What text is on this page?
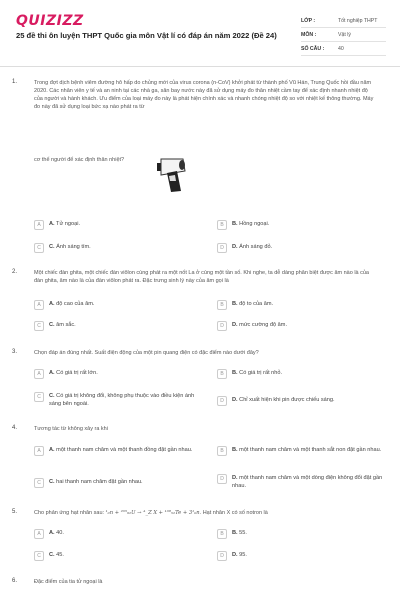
QUIZIZZ
25 đề thi ôn luyện THPT Quốc gia môn Vật lí có đáp án năm 2022 (Đề 24)
LỚP :	Tốt nghiệp THPT
MÔN :	Vật lý
SỐ CÂU :	40
1.	Trong đợt dịch bệnh viêm đường hô hấp do chủng mới của virus corona (n-CoV) khởi phát từ thành phố Vũ Hán, Trung Quốc hồi đầu năm 2020. Các nhân viên y tế và an ninh tại các nhà ga, sân bay nước này đã sử dụng máy đo thân nhiệt cầm tay để xác định nhanh nhiệt độ của người và hành khách. Ưu điểm của loại máy đo này là phát hiện chính xác và nhanh chóng nhiệt độ so với nhiệt kế thông thường. Máy đo này đã sử dụng loại bức xạ nào phát ra từ
cơ thể người để xác định thân nhiệt?
A	A. Tử ngoại.	B	B. Hồng ngoại.
C	C. Ánh sáng tím.	D	D. Ánh sáng đỏ.
2.	Một chiếc đàn ghita, một chiếc đàn viôlon cùng phát ra một nốt La ở cùng một tần số. Khi nghe, ta dễ dàng phân biệt được âm nào là của đàn ghita, âm nào là của đàn viôlon phát ra. Đặc trưng sinh lý này của âm gọi là
A	A. độ cao của âm.	B	B. độ to của âm.
C	C. âm sắc.	D	D. mức cường độ âm.
3.	Chọn đáp án đúng nhất. Suất điện động của một pin quang điện có đặc điểm nào dưới đây?
A	A. Có giá trị rất lớn.	B	B. Có giá trị rất nhỏ.
C	C. Có giá trị không đổi, không phụ thuộc vào điều kiện ánh sáng bên ngoài.	D	D. Chỉ xuất hiện khi pin được chiếu sáng.
4.	Tương tác từ không xảy ra khi
A	A. một thanh nam châm và một thanh đồng đặt gần nhau.	B	B. một thanh nam châm và một thanh sắt non đặt gần nhau.
C	C. hai thanh nam châm đặt gần nhau.	D	D. một thanh nam châm và một dòng điện không đổi đặt gần nhau.
5.	Cho phản ứng hạt nhân sau: ¹₀n + ²³⁵₉₂U → ᴬ_Z X + ¹³⁸₅₂Te + 3¹₀n. Hạt nhân X có số notron là
A	A. 40.	B	B. 55.
C	C. 45.	D	D. 95.
6.	Đặc điểm của tia tử ngoại là
